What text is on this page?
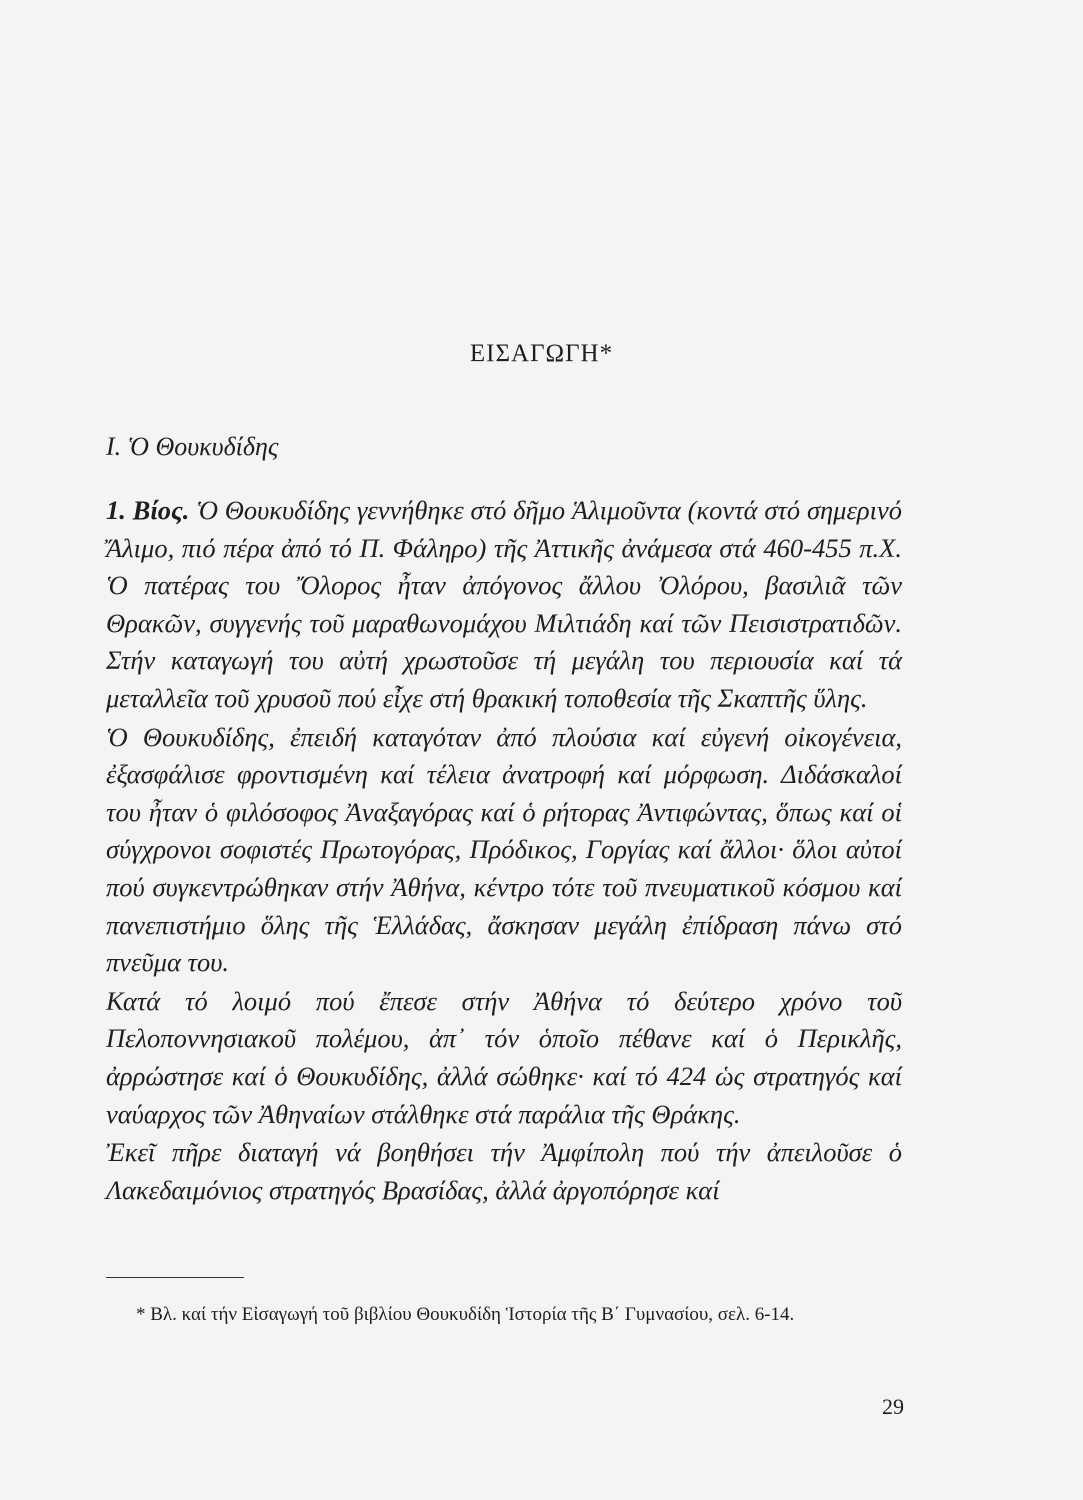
ΕΙΣΑΓΩΓΗ*
Ι. Ὁ Θουκυδίδης

1. Βίος. Ὁ Θουκυδίδης γεννήθηκε στό δῆμο Ἁλιμοῦντα (κοντά στό σημερινό Ἄλιμο, πιό πέρα ἀπό τό Π. Φάληρο) τῆς Ἀττικῆς ἀνάμεσα στά 460-455 π.Χ. Ὁ πατέρας του Ὄλορος ἦταν ἀπόγονος ἄλλου Ὀλόρου, βασιλιᾶ τῶν Θρακῶν, συγγενής τοῦ μαραθωνομάχου Μιλτιάδη καί τῶν Πεισιστρατιδῶν. Στήν καταγωγή του αὐτή χρωστοῦσε τή μεγάλη του περιουσία καί τά μεταλλεῖα τοῦ χρυσοῦ πού εἶχε στή θρακική τοποθεσία τῆς Σκαπτῆς ὕλης.

Ὁ Θουκυδίδης, ἐπειδή καταγόταν ἀπό πλούσια καί εὐγενή οἰκογένεια, ἐξασφάλισε φροντισμένη καί τέλεια ἀνατροφή καί μόρφωση. Διδάσκαλοί του ἦταν ὁ φιλόσοφος Ἀναξαγόρας καί ὁ ρήτορας Ἀντιφώντας, ὅπως καί οἱ σύγχρονοι σοφιστές Πρωτογόρας, Πρόδικος, Γοργίας καί ἄλλοι· ὅλοι αὐτοί πού συγκεντρώθηκαν στήν Ἀθήνα, κέντρο τότε τοῦ πνευματικοῦ κόσμου καί πανεπιστήμιο ὅλης τῆς Ἑλλάδας, ἄσκησαν μεγάλη ἐπίδραση πάνω στό πνεῦμα του.

Κατά τό λοιμό πού ἔπεσε στήν Ἀθήνα τό δεύτερο χρόνο τοῦ Πελοποννησιακοῦ πολέμου, ἀπ᾿ τόν ὁποῖο πέθανε καί ὁ Περικλῆς, ἀρρώστησε καί ὁ Θουκυδίδης, ἀλλά σώθηκε· καί τό 424 ὡς στρατηγός καί ναύαρχος τῶν Ἀθηναίων στάλθηκε στά παράλια τῆς Θράκης.

Ἐκεῖ πῆρε διαταγή νά βοηθήσει τήν Ἀμφίπολη πού τήν ἀπειλοῦσε ὁ Λακεδαιμόνιος στρατηγός Βρασίδας, ἀλλά ἀργοπόρησε καί

* Βλ. καί τήν Εἰσαγωγή τοῦ βιβλίου Θουκυδίδη Ἱστορία τῆς Β΄ Γυμνασίου, σελ. 6-14.
29
